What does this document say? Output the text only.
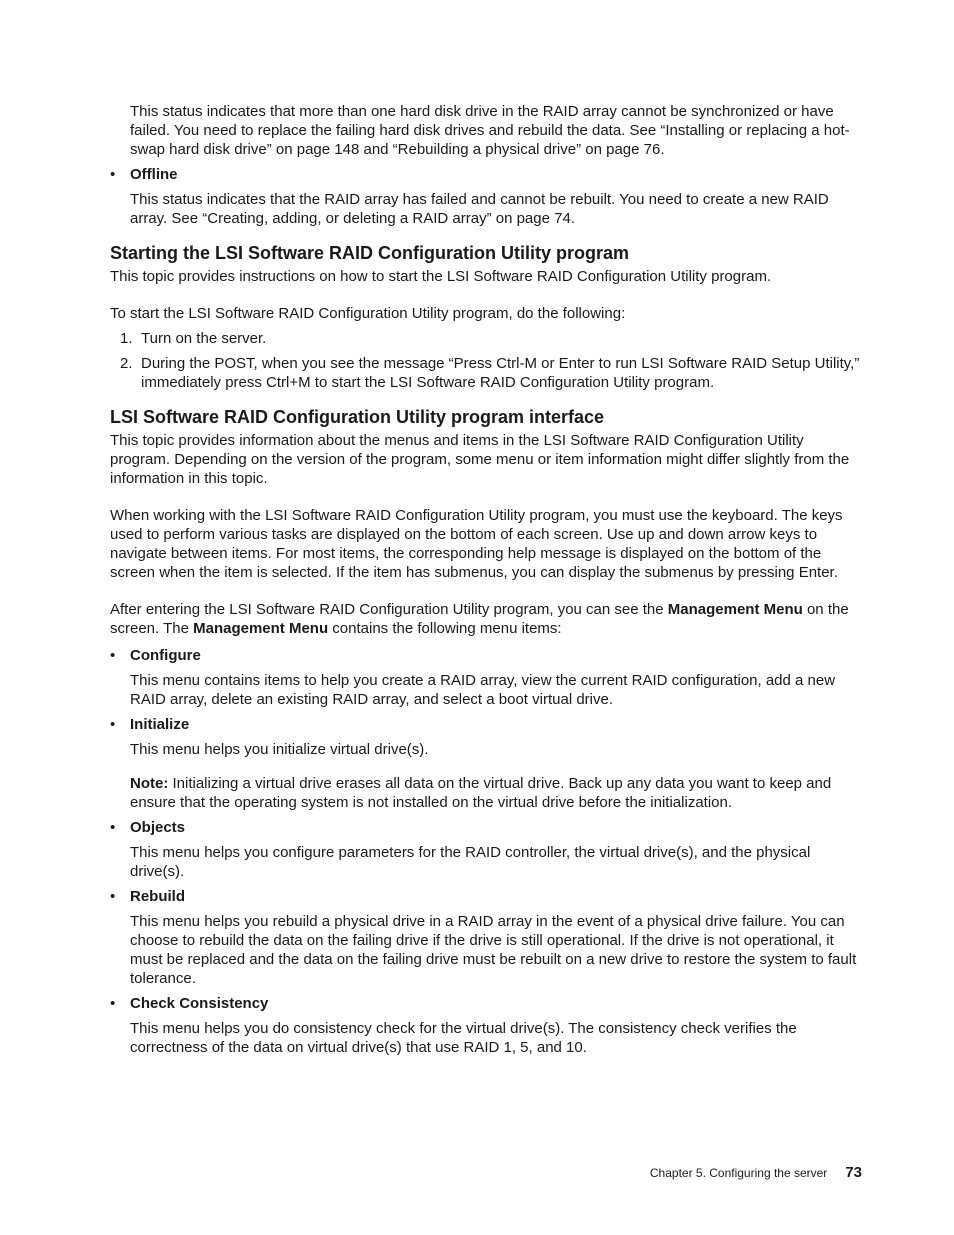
This status indicates that more than one hard disk drive in the RAID array cannot be synchronized or have failed. You need to replace the failing hard disk drives and rebuild the data. See “Installing or replacing a hot-swap hard disk drive” on page 148 and “Rebuilding a physical drive” on page 76.

• Offline

This status indicates that the RAID array has failed and cannot be rebuilt. You need to create a new RAID array. See “Creating, adding, or deleting a RAID array” on page 74.

Starting the LSI Software RAID Configuration Utility program

This topic provides instructions on how to start the LSI Software RAID Configuration Utility program.

To start the LSI Software RAID Configuration Utility program, do the following:

1. Turn on the server.
2. During the POST, when you see the message “Press Ctrl-M or Enter to run LSI Software RAID Setup Utility,” immediately press Ctrl+M to start the LSI Software RAID Configuration Utility program.
LSI Software RAID Configuration Utility program interface

This topic provides information about the menus and items in the LSI Software RAID Configuration Utility program. Depending on the version of the program, some menu or item information might differ slightly from the information in this topic.

When working with the LSI Software RAID Configuration Utility program, you must use the keyboard. The keys used to perform various tasks are displayed on the bottom of each screen. Use up and down arrow keys to navigate between items. For most items, the corresponding help message is displayed on the bottom of the screen when the item is selected. If the item has submenus, you can display the submenus by pressing Enter.

After entering the LSI Software RAID Configuration Utility program, you can see the Management Menu on the screen. The Management Menu contains the following menu items:

• Configure

This menu contains items to help you create a RAID array, view the current RAID configuration, add a new RAID array, delete an existing RAID array, and select a boot virtual drive.

• Initialize

This menu helps you initialize virtual drive(s).

Note: Initializing a virtual drive erases all data on the virtual drive. Back up any data you want to keep and ensure that the operating system is not installed on the virtual drive before the initialization.

• Objects

This menu helps you configure parameters for the RAID controller, the virtual drive(s), and the physical drive(s).

• Rebuild

This menu helps you rebuild a physical drive in a RAID array in the event of a physical drive failure. You can choose to rebuild the data on the failing drive if the drive is still operational. If the drive is not operational, it must be replaced and the data on the failing drive must be rebuilt on a new drive to restore the system to fault tolerance.

• Check Consistency

This menu helps you do consistency check for the virtual drive(s). The consistency check verifies the correctness of the data on virtual drive(s) that use RAID 1, 5, and 10.

Chapter 5. Configuring the server 73
